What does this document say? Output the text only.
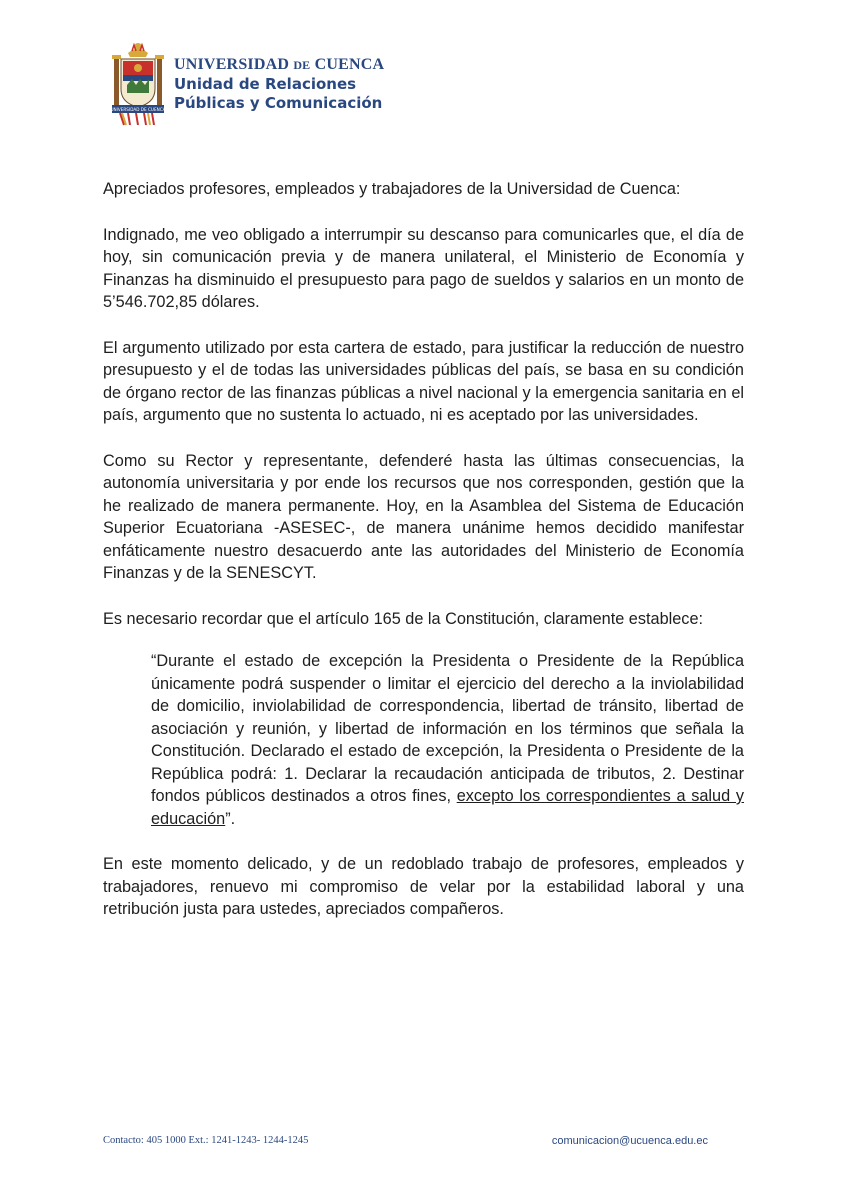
UNIVERSIDAD DE CUENCA
UNIVERSIDAD DE CUENCA
Unidad de Relaciones
Públicas y Comunicación

Apreciados profesores, empleados y trabajadores de la Universidad de Cuenca:

Indignado, me veo obligado a interrumpir su descanso para comunicarles que, el día de hoy, sin comunicación previa y de manera unilateral, el Ministerio de Economía y Finanzas ha disminuido el presupuesto para pago de sueldos y salarios en un monto de 5’546.702,85 dólares.

El argumento utilizado por esta cartera de estado, para justificar la reducción de nuestro presupuesto y el de todas las universidades públicas del país, se basa en su condición de órgano rector de las finanzas públicas a nivel nacional y la emergencia sanitaria en el país, argumento que no sustenta lo actuado, ni es aceptado por las universidades.

Como su Rector y representante, defenderé hasta las últimas consecuencias, la autonomía universitaria y por ende los recursos que nos corresponden, gestión que la he realizado de manera permanente. Hoy, en la Asamblea del Sistema de Educación Superior Ecuatoriana -ASESEC-, de manera unánime hemos decidido manifestar enfáticamente nuestro desacuerdo ante las autoridades del Ministerio de Economía Finanzas y de la SENESCYT.

Es necesario recordar que el artículo 165 de la Constitución, claramente establece:

“Durante el estado de excepción la Presidenta o Presidente de la República únicamente podrá suspender o limitar el ejercicio del derecho a la inviolabilidad de domicilio, inviolabilidad de correspondencia, libertad de tránsito, libertad de asociación y reunión, y libertad de información en los términos que señala la Constitución. Declarado el estado de excepción, la Presidenta o Presidente de la República podrá: 1. Declarar la recaudación anticipada de tributos, 2. Destinar fondos públicos destinados a otros fines, excepto los correspondientes a salud y educación”.

En este momento delicado, y de un redoblado trabajo de profesores, empleados y trabajadores, renuevo mi compromiso de velar por la estabilidad laboral y una retribución justa para ustedes, apreciados compañeros.

Contacto: 405 1000 Ext.: 1241-1243- 1244-1245	comunicacion@ucuenca.edu.ec
